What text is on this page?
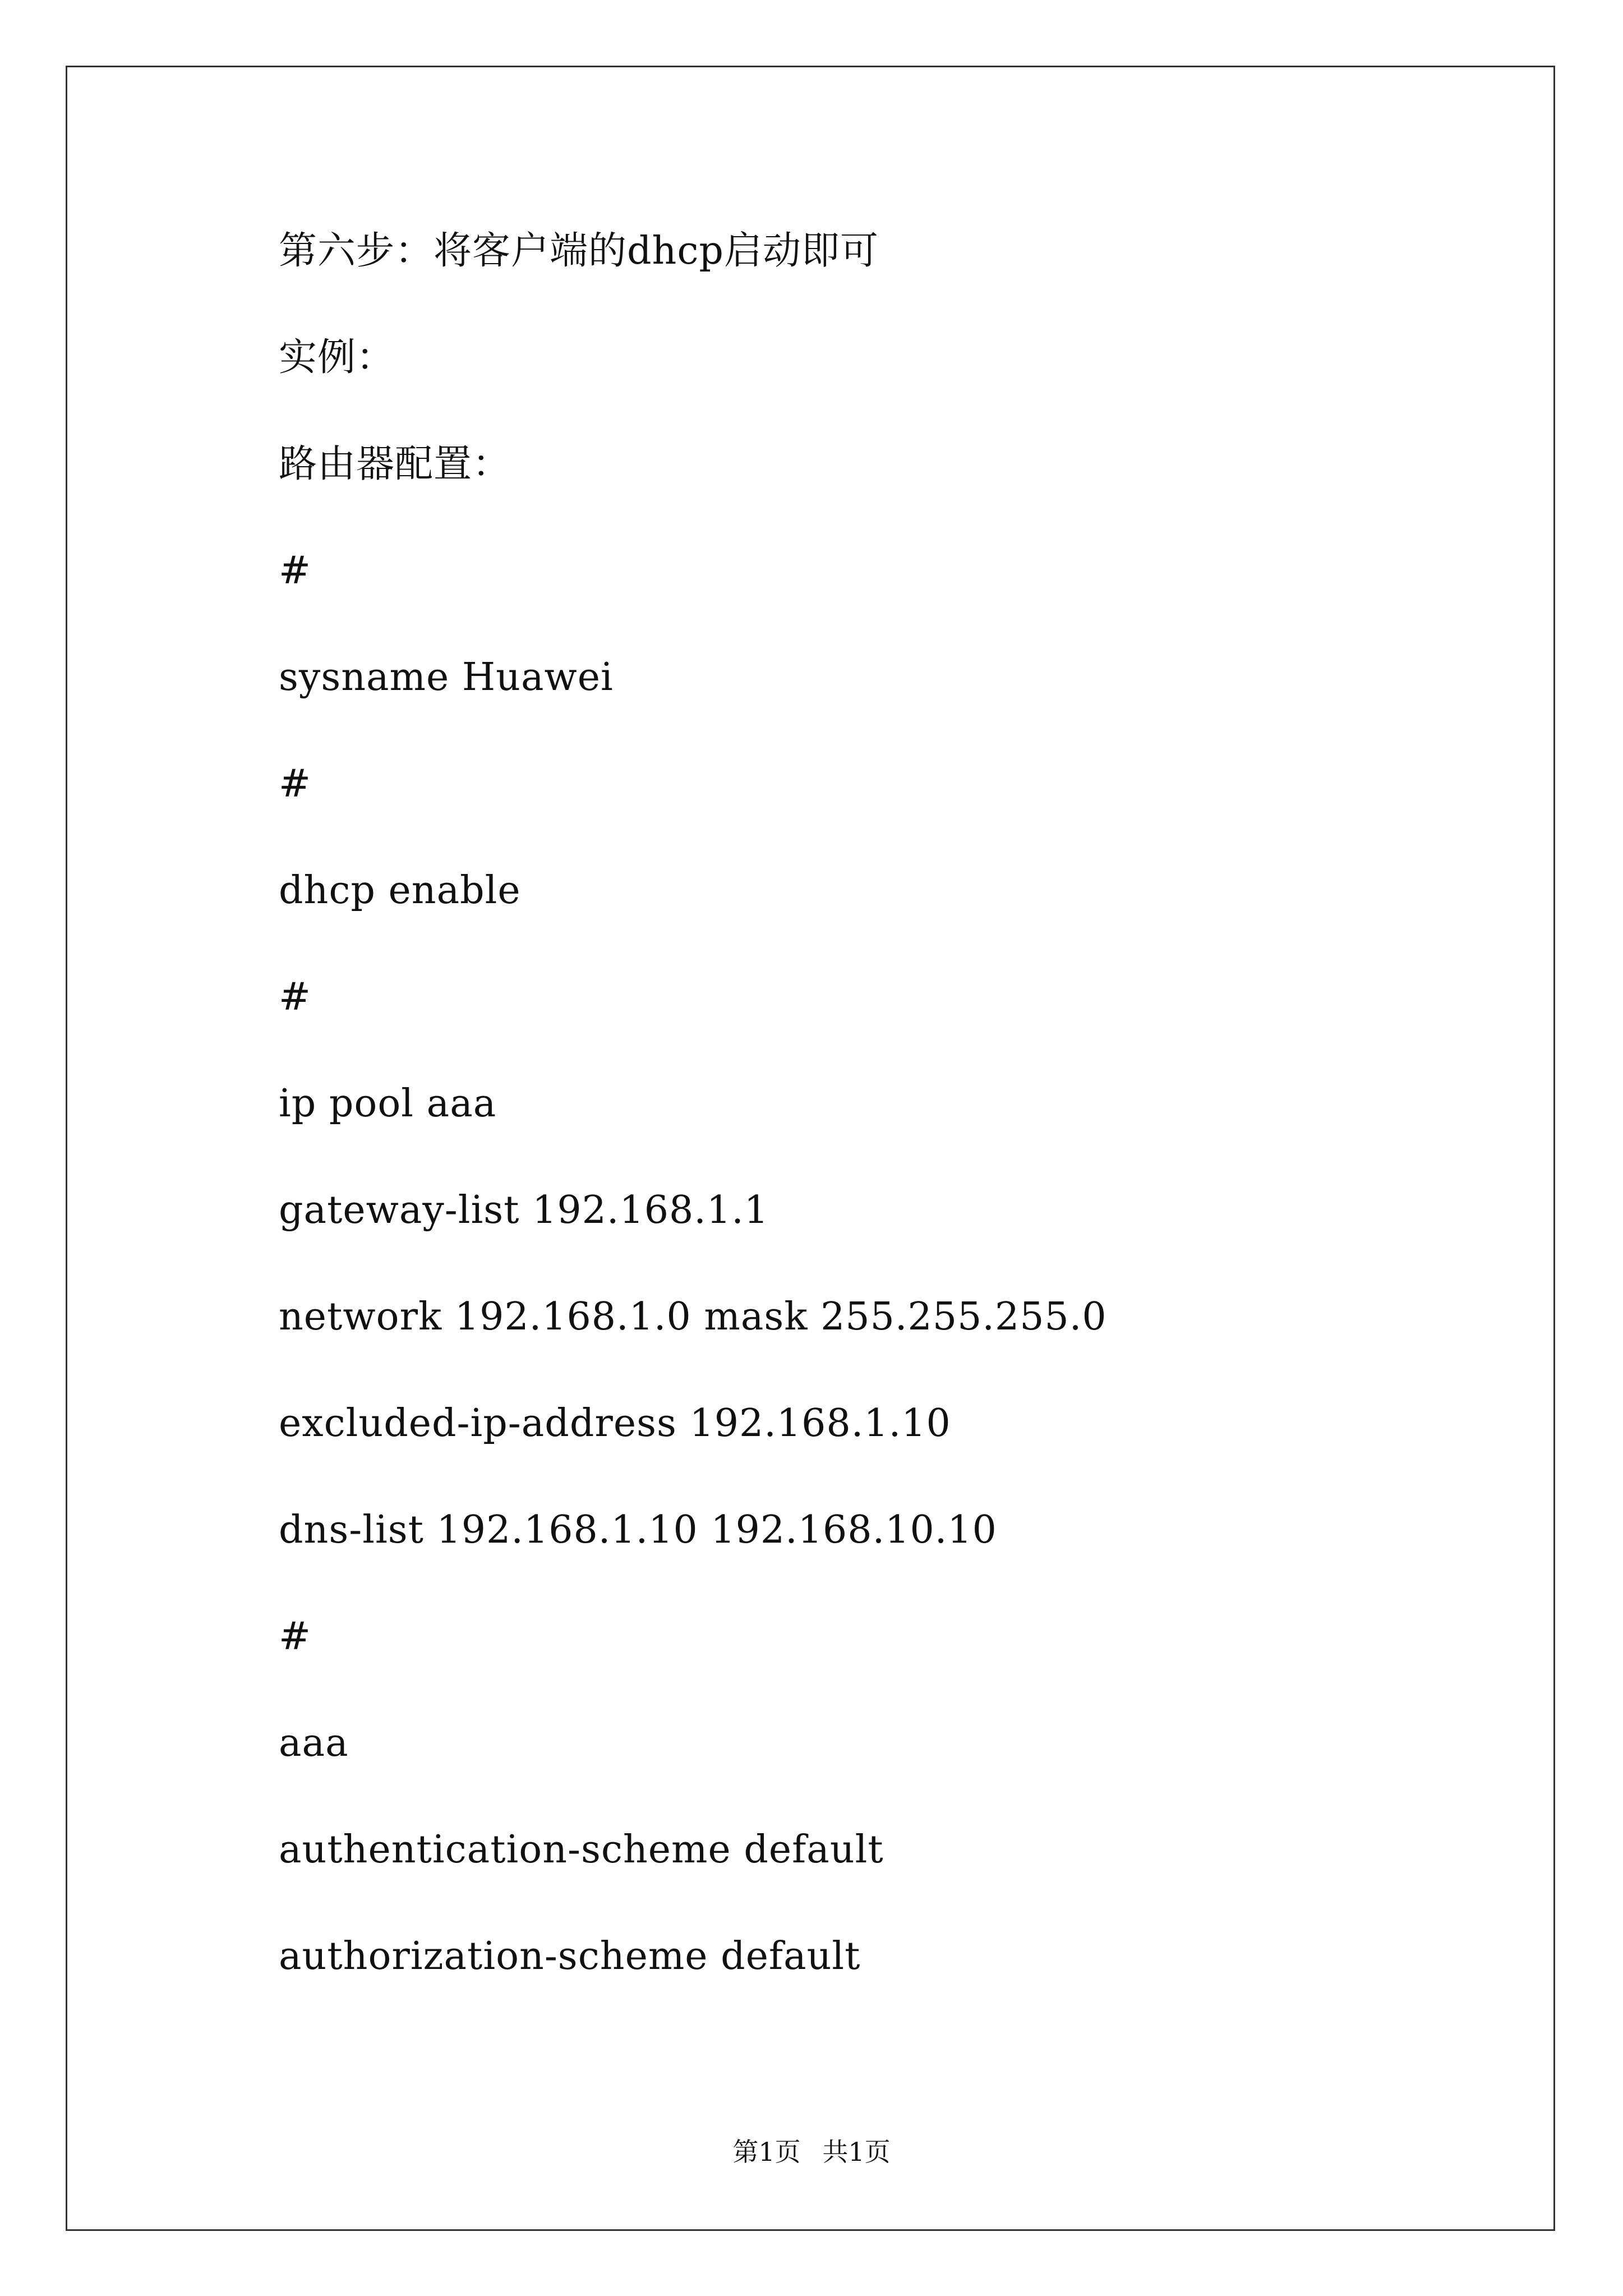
第六步：将客户端的dhcp启动即可
实例：
路由器配置：
#
sysname Huawei
#
dhcp enable
#
ip pool aaa
gateway-list 192.168.1.1
network 192.168.1.0 mask 255.255.255.0
excluded-ip-address 192.168.1.10
dns-list 192.168.1.10 192.168.10.10
#
aaa
authentication-scheme default
authorization-scheme default
第1页 共1页
